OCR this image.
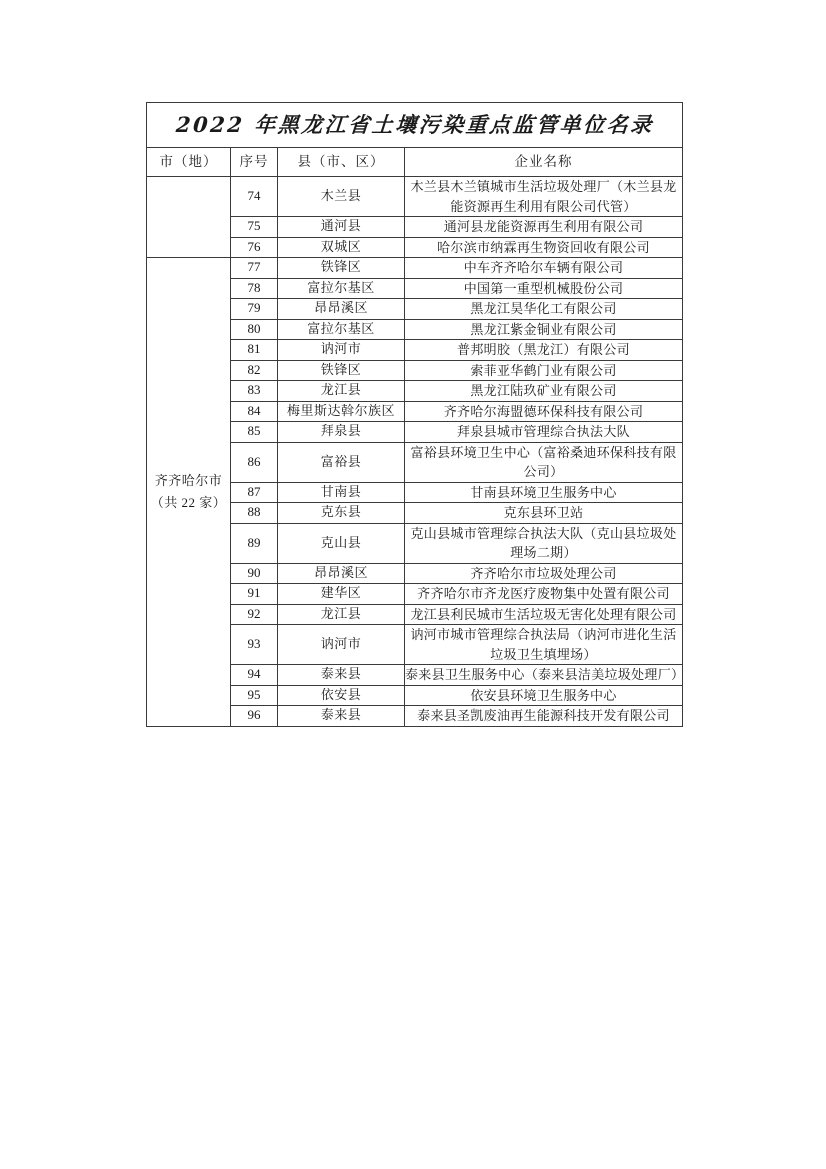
2022 年黑龙江省土壤污染重点监管单位名录			
市（地）	序号	县（市、区）	企业名称

	74	木兰县	木兰县木兰镇城市生活垃圾处理厂（木兰县龙能资源再生利用有限公司代管）
	75	通河县	通河县龙能资源再生利用有限公司
	76	双城区	哈尔滨市纳霖再生物资回收有限公司

齐齐哈尔市
（共 22 家）	77	铁锋区	中车齐齐哈尔车辆有限公司
	78	富拉尔基区	中国第一重型机械股份公司
	79	昂昂溪区	黑龙江昊华化工有限公司
	80	富拉尔基区	黑龙江紫金铜业有限公司
	81	讷河市	普邦明胶（黑龙江）有限公司
	82	铁锋区	索菲亚华鹤门业有限公司
	83	龙江县	黑龙江陆玖矿业有限公司
	84	梅里斯达斡尔族区	齐齐哈尔海盟德环保科技有限公司
	85	拜泉县	拜泉县城市管理综合执法大队
	86	富裕县	富裕县环境卫生中心（富裕桑迪环保科技有限公司）
	87	甘南县	甘南县环境卫生服务中心
	88	克东县	克东县环卫站
	89	克山县	克山县城市管理综合执法大队（克山县垃圾处理场二期）
	90	昂昂溪区	齐齐哈尔市垃圾处理公司
	91	建华区	齐齐哈尔市齐龙医疗废物集中处置有限公司
	92	龙江县	龙江县利民城市生活垃圾无害化处理有限公司
	93	讷河市	讷河市城市管理综合执法局（讷河市进化生活垃圾卫生填埋场）
	94	泰来县	泰来县卫生服务中心（泰来县洁美垃圾处理厂）
	95	依安县	依安县环境卫生服务中心
	96	泰来县	泰来县圣凯废油再生能源科技开发有限公司
